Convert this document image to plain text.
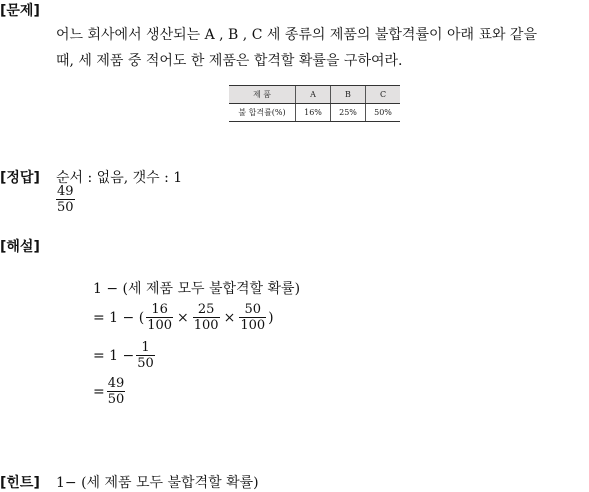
[문제]
어느 회사에서 생산되는 A , B , C 세 종류의 제품의 불합격률이 아래 표와 같을
때, 세 제품 중 적어도 한 제품은 합격할 확률을 구하여라.
제 품	A	B	C
불 합격률(%)	16%	25%	50%
[정답] 순서 : 없음, 갯수 : 1
$\frac{49}{50}$
[해설]
1 − (세 제품 모두 불합격할 확률)
= 1 − ( $\frac{16}{100} \times \frac{25}{100} \times \frac{50}{100}$ )
= $1 - \frac{1}{50}$
= $\frac{49}{50}$
[힌트] 1− (세 제품 모두 불합격할 확률)
